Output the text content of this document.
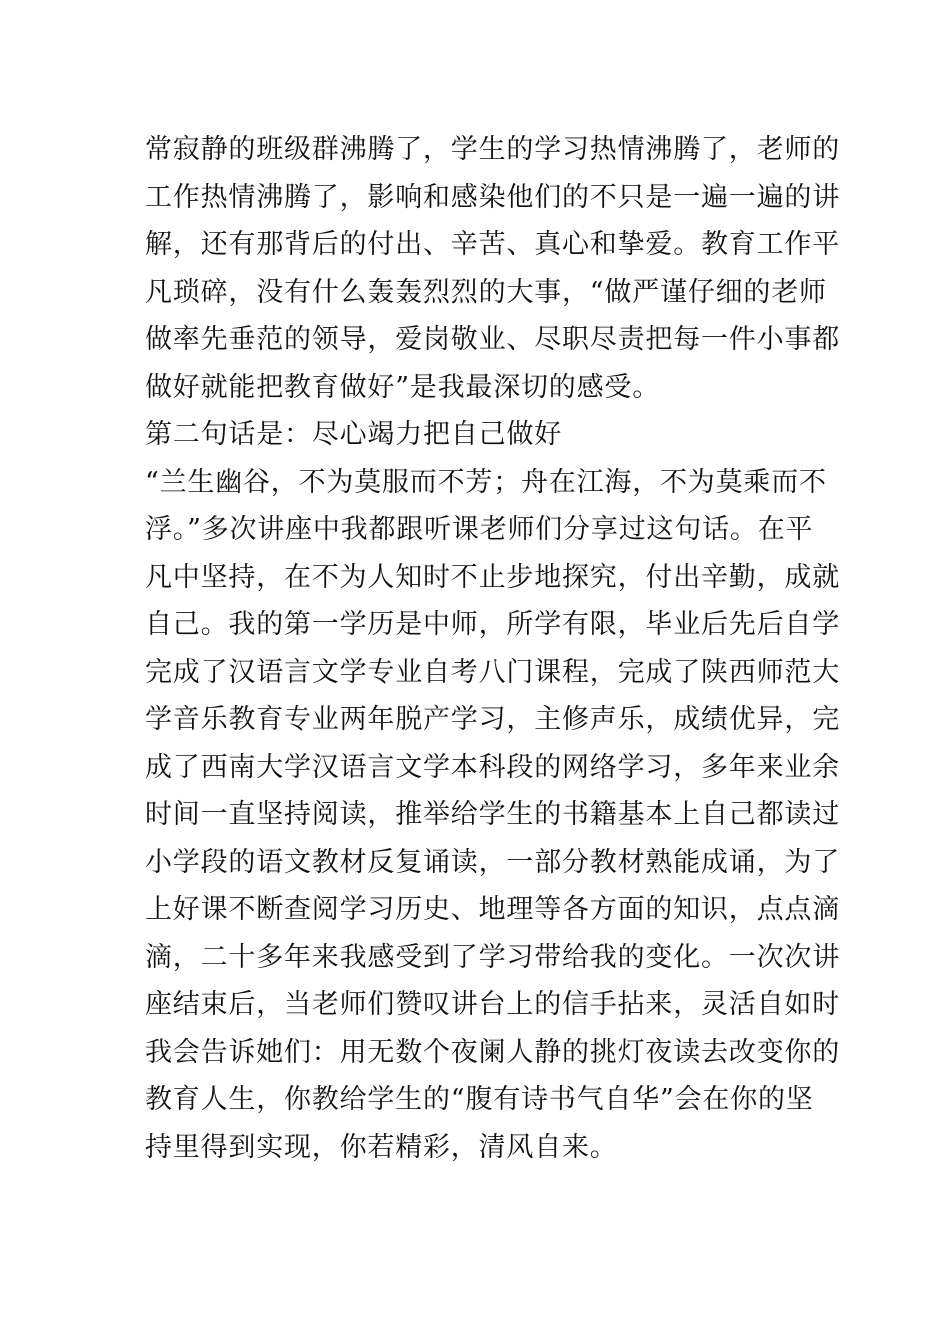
常寂静的班级群沸腾了，学生的学习热情沸腾了，老师的
工作热情沸腾了，影响和感染他们的不只是一遍一遍的讲
解，还有那背后的付出、辛苦、真心和挚爱。教育工作平
凡琐碎，没有什么轰轰烈烈的大事，“做严谨仔细的老师
做率先垂范的领导，爱岗敬业、尽职尽责把每一件小事都
做好就能把教育做好”是我最深切的感受。
第二句话是：尽心竭力把自己做好
“兰生幽谷，不为莫服而不芳；舟在江海，不为莫乘而不
浮。”多次讲座中我都跟听课老师们分享过这句话。在平
凡中坚持，在不为人知时不止步地探究，付出辛勤，成就
自己。我的第一学历是中师，所学有限，毕业后先后自学
完成了汉语言文学专业自考八门课程，完成了陕西师范大
学音乐教育专业两年脱产学习，主修声乐，成绩优异，完
成了西南大学汉语言文学本科段的网络学习，多年来业余
时间一直坚持阅读，推举给学生的书籍基本上自己都读过
小学段的语文教材反复诵读，一部分教材熟能成诵，为了
上好课不断查阅学习历史、地理等各方面的知识，点点滴
滴，二十多年来我感受到了学习带给我的变化。一次次讲
座结束后，当老师们赞叹讲台上的信手拈来，灵活自如时
我会告诉她们：用无数个夜阑人静的挑灯夜读去改变你的
教育人生，你教给学生的“腹有诗书气自华”会在你的坚
持里得到实现，你若精彩，清风自来。
